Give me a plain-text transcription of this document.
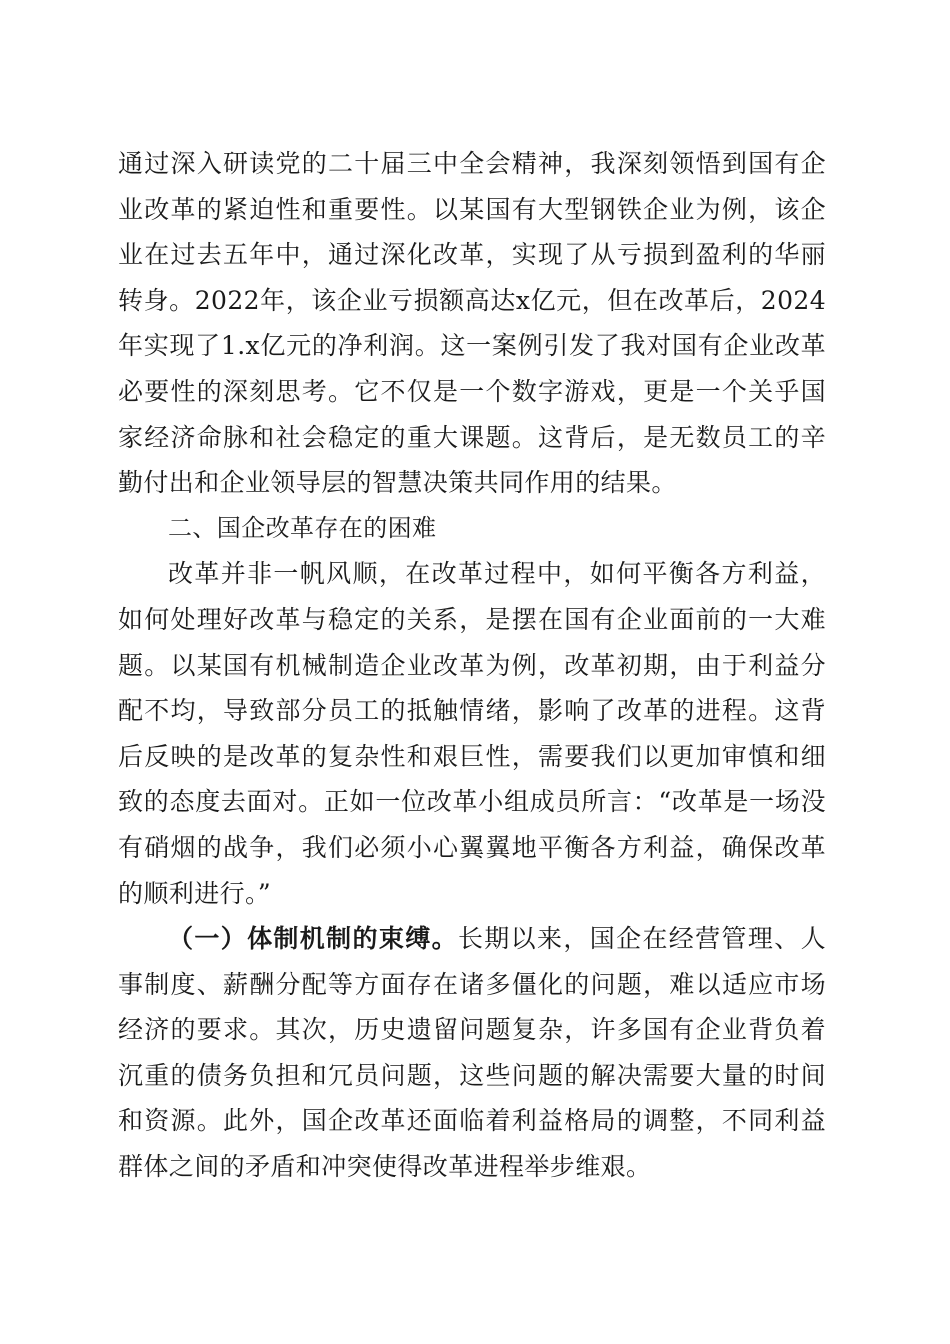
通过深入研读党的二十届三中全会精神，我深刻领悟到国有企业改革的紧迫性和重要性。以某国有大型钢铁企业为例，该企业在过去五年中，通过深化改革，实现了从亏损到盈利的华丽转身。2022年，该企业亏损额高达x亿元，但在改革后，2024年实现了1.x亿元的净利润。这一案例引发了我对国有企业改革必要性的深刻思考。它不仅是一个数字游戏，更是一个关乎国家经济命脉和社会稳定的重大课题。这背后，是无数员工的辛勤付出和企业领导层的智慧决策共同作用的结果。

二、国企改革存在的困难

改革并非一帆风顺，在改革过程中，如何平衡各方利益，如何处理好改革与稳定的关系，是摆在国有企业面前的一大难题。以某国有机械制造企业改革为例，改革初期，由于利益分配不均，导致部分员工的抵触情绪，影响了改革的进程。这背后反映的是改革的复杂性和艰巨性，需要我们以更加审慎和细致的态度去面对。正如一位改革小组成员所言：“改革是一场没有硝烟的战争，我们必须小心翼翼地平衡各方利益，确保改革的顺利进行。”

（一）体制机制的束缚。长期以来，国企在经营管理、人事制度、薪酬分配等方面存在诸多僵化的问题，难以适应市场经济的要求。其次，历史遗留问题复杂，许多国有企业背负着沉重的债务负担和冗员问题，这些问题的解决需要大量的时间和资源。此外，国企改革还面临着利益格局的调整，不同利益群体之间的矛盾和冲突使得改革进程举步维艰。
